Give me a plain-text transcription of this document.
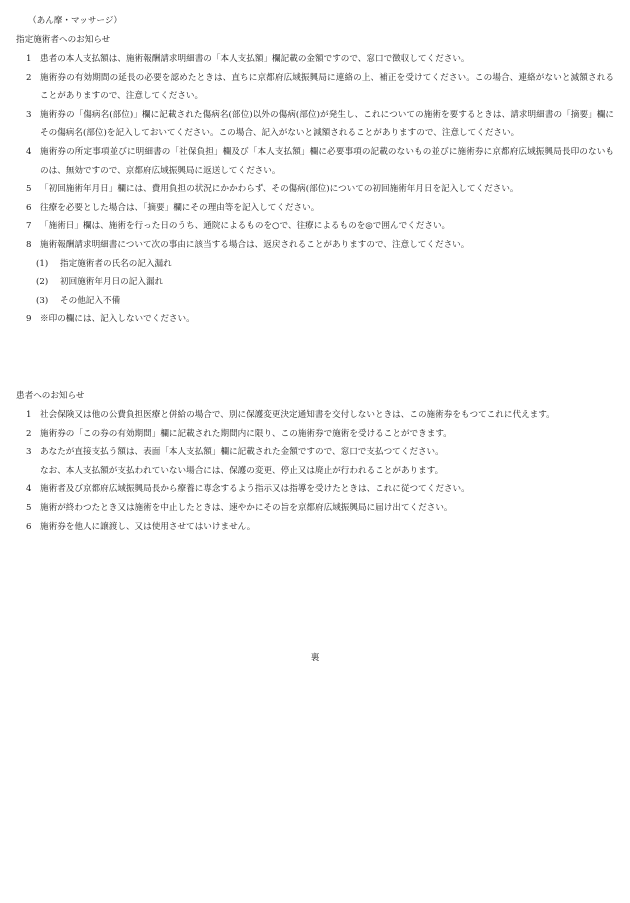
（あん摩・マッサージ）
指定施術者へのお知らせ
1 患者の本人支払額は、施術報酬請求明細書の「本人支払額」欄記載の金額ですので、窓口で徴収してください。
2 施術券の有効期間の延長の必要を認めたときは、直ちに京都府広域振興局に連絡の上、補正を受けてください。この場合、連絡がないと減額されることがありますので、注意してください。
3 施術券の「傷病名(部位)」欄に記載された傷病名(部位)以外の傷病(部位)が発生し、これについての施術を要するときは、請求明細書の「摘要」欄にその傷病名(部位)を記入しておいてください。この場合、記入がないと減額されることがありますので、注意してください。
4 施術券の所定事項並びに明細書の「社保負担」欄及び「本人支払額」欄に必要事項の記載のないもの並びに施術券に京都府広域振興局長印のないものは、無効ですので、京都府広域振興局に返送してください。
5 「初回施術年月日」欄には、費用負担の状況にかかわらず、その傷病(部位)についての初回施術年月日を記入してください。
6 往療を必要とした場合は、「摘要」欄にその理由等を記入してください。
7 「施術日」欄は、施術を行った日のうち、通院によるものを○で、往療によるものを◎で囲んでください。
8 施術報酬請求明細書について次の事由に該当する場合は、返戻されることがありますので、注意してください。
(1)	指定施術者の氏名の記入漏れ
(2)	初回施術年月日の記入漏れ
(3)	その他記入不備
9 ※印の欄には、記入しないでください。
患者へのお知らせ
1 社会保険又は他の公費負担医療と併給の場合で、別に保護変更決定通知書を交付しないときは、この施術券をもつてこれに代えます。
2 施術券の「この券の有効期間」欄に記載された期間内に限り、この施術券で施術を受けることができます。
3 あなたが直接支払う額は、表面「本人支払額」欄に記載された金額ですので、窓口で支払つてください。
なお、本人支払額が支払われていない場合には、保護の変更、停止又は廃止が行われることがあります。
4 施術者及び京都府広域振興局長から療養に専念するよう指示又は指導を受けたときは、これに従つてください。
5 施術が終わつたとき又は施術を中止したときは、速やかにその旨を京都府広域振興局に届け出てください。
6 施術券を他人に譲渡し、又は使用させてはいけません。
裏
